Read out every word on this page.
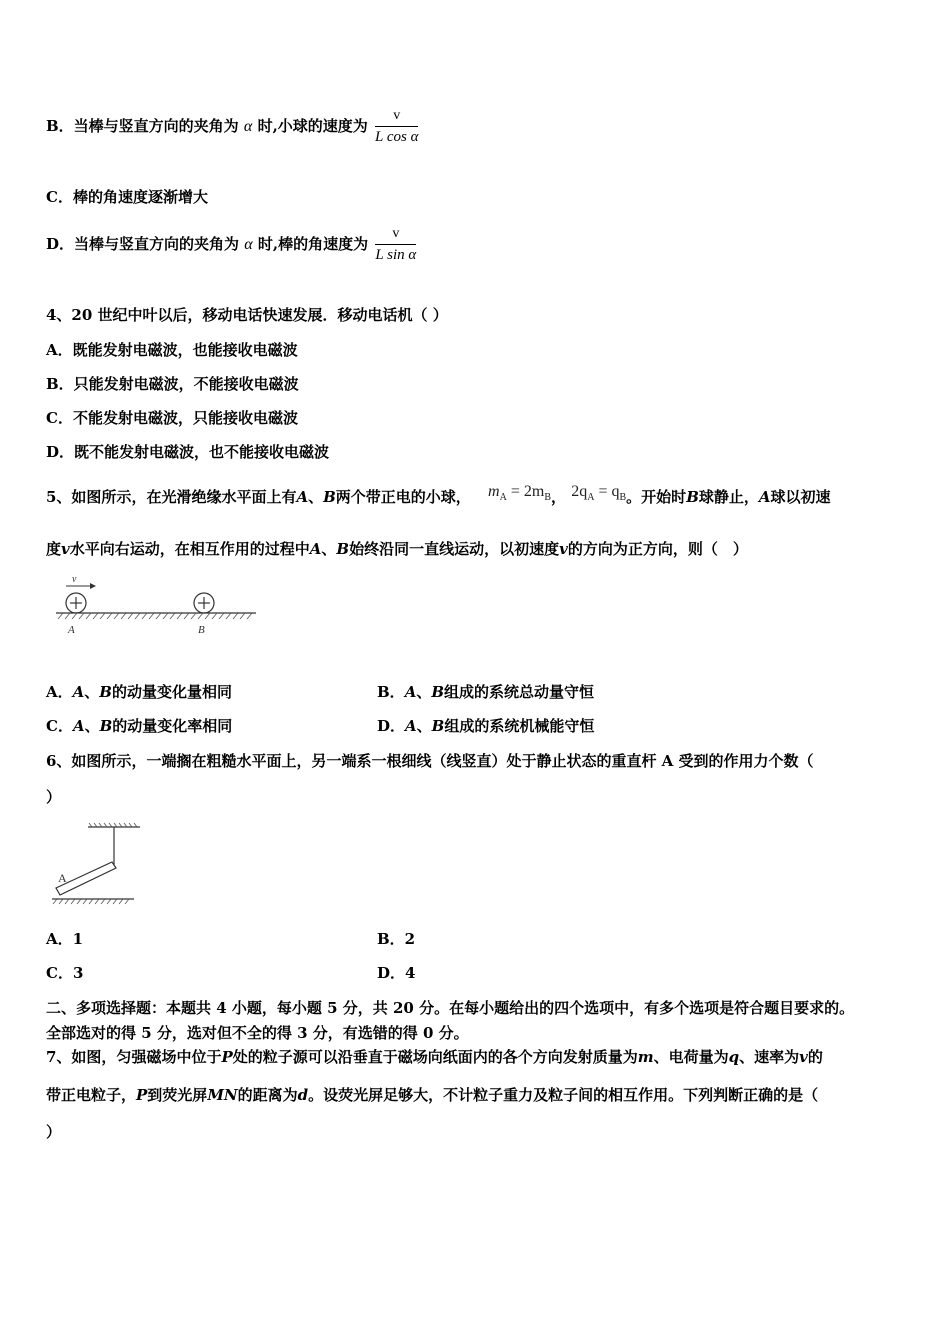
B．当棒与竖直方向的夹角为 α 时,小球的速度为 $\frac{v}{\text{L cos α}}$
C．棒的角速度逐渐增大
D．当棒与竖直方向的夹角为 α 时,棒的角速度为 $\frac{v}{\text{L sin α}}$
4、20 世纪中叶以后，移动电话快速发展．移动电话机（ ）
A．既能发射电磁波，也能接收电磁波
B．只能发射电磁波，不能接收电磁波
C．不能发射电磁波，只能接收电磁波
D．既不能发射电磁波，也不能接收电磁波
5、如图所示，在光滑绝缘水平面上有A、B两个带正电的小球， $m_A = 2m_B$， $2q_A = q_B$。开始时B球静止，A球以初速
度v水平向右运动，在相互作用的过程中A、B始终沿同一直线运动，以初速度v的方向为正方向，则（　）
v
A	B
A．A、B的动量变化量相同	B．A、B组成的系统总动量守恒
C．A、B的动量变化率相同	D．A、B组成的系统机械能守恒
6、如图所示，一端搁在粗糙水平面上，另一端系一根细线（线竖直）处于静止状态的重直杆 A 受到的作用力个数（
）
A
A．1	B．2
C．3	D．4
二、多项选择题：本题共 4 小题，每小题 5 分，共 20 分。在每小题给出的四个选项中，有多个选项是符合题目要求的。
全部选对的得 5 分，选对但不全的得 3 分，有选错的得 0 分。
7、如图，匀强磁场中位于P处的粒子源可以沿垂直于磁场向纸面内的各个方向发射质量为m、电荷量为q、速率为v的
带正电粒子，P到荧光屏MN的距离为d。设荧光屏足够大，不计粒子重力及粒子间的相互作用。下列判断正确的是（
）
